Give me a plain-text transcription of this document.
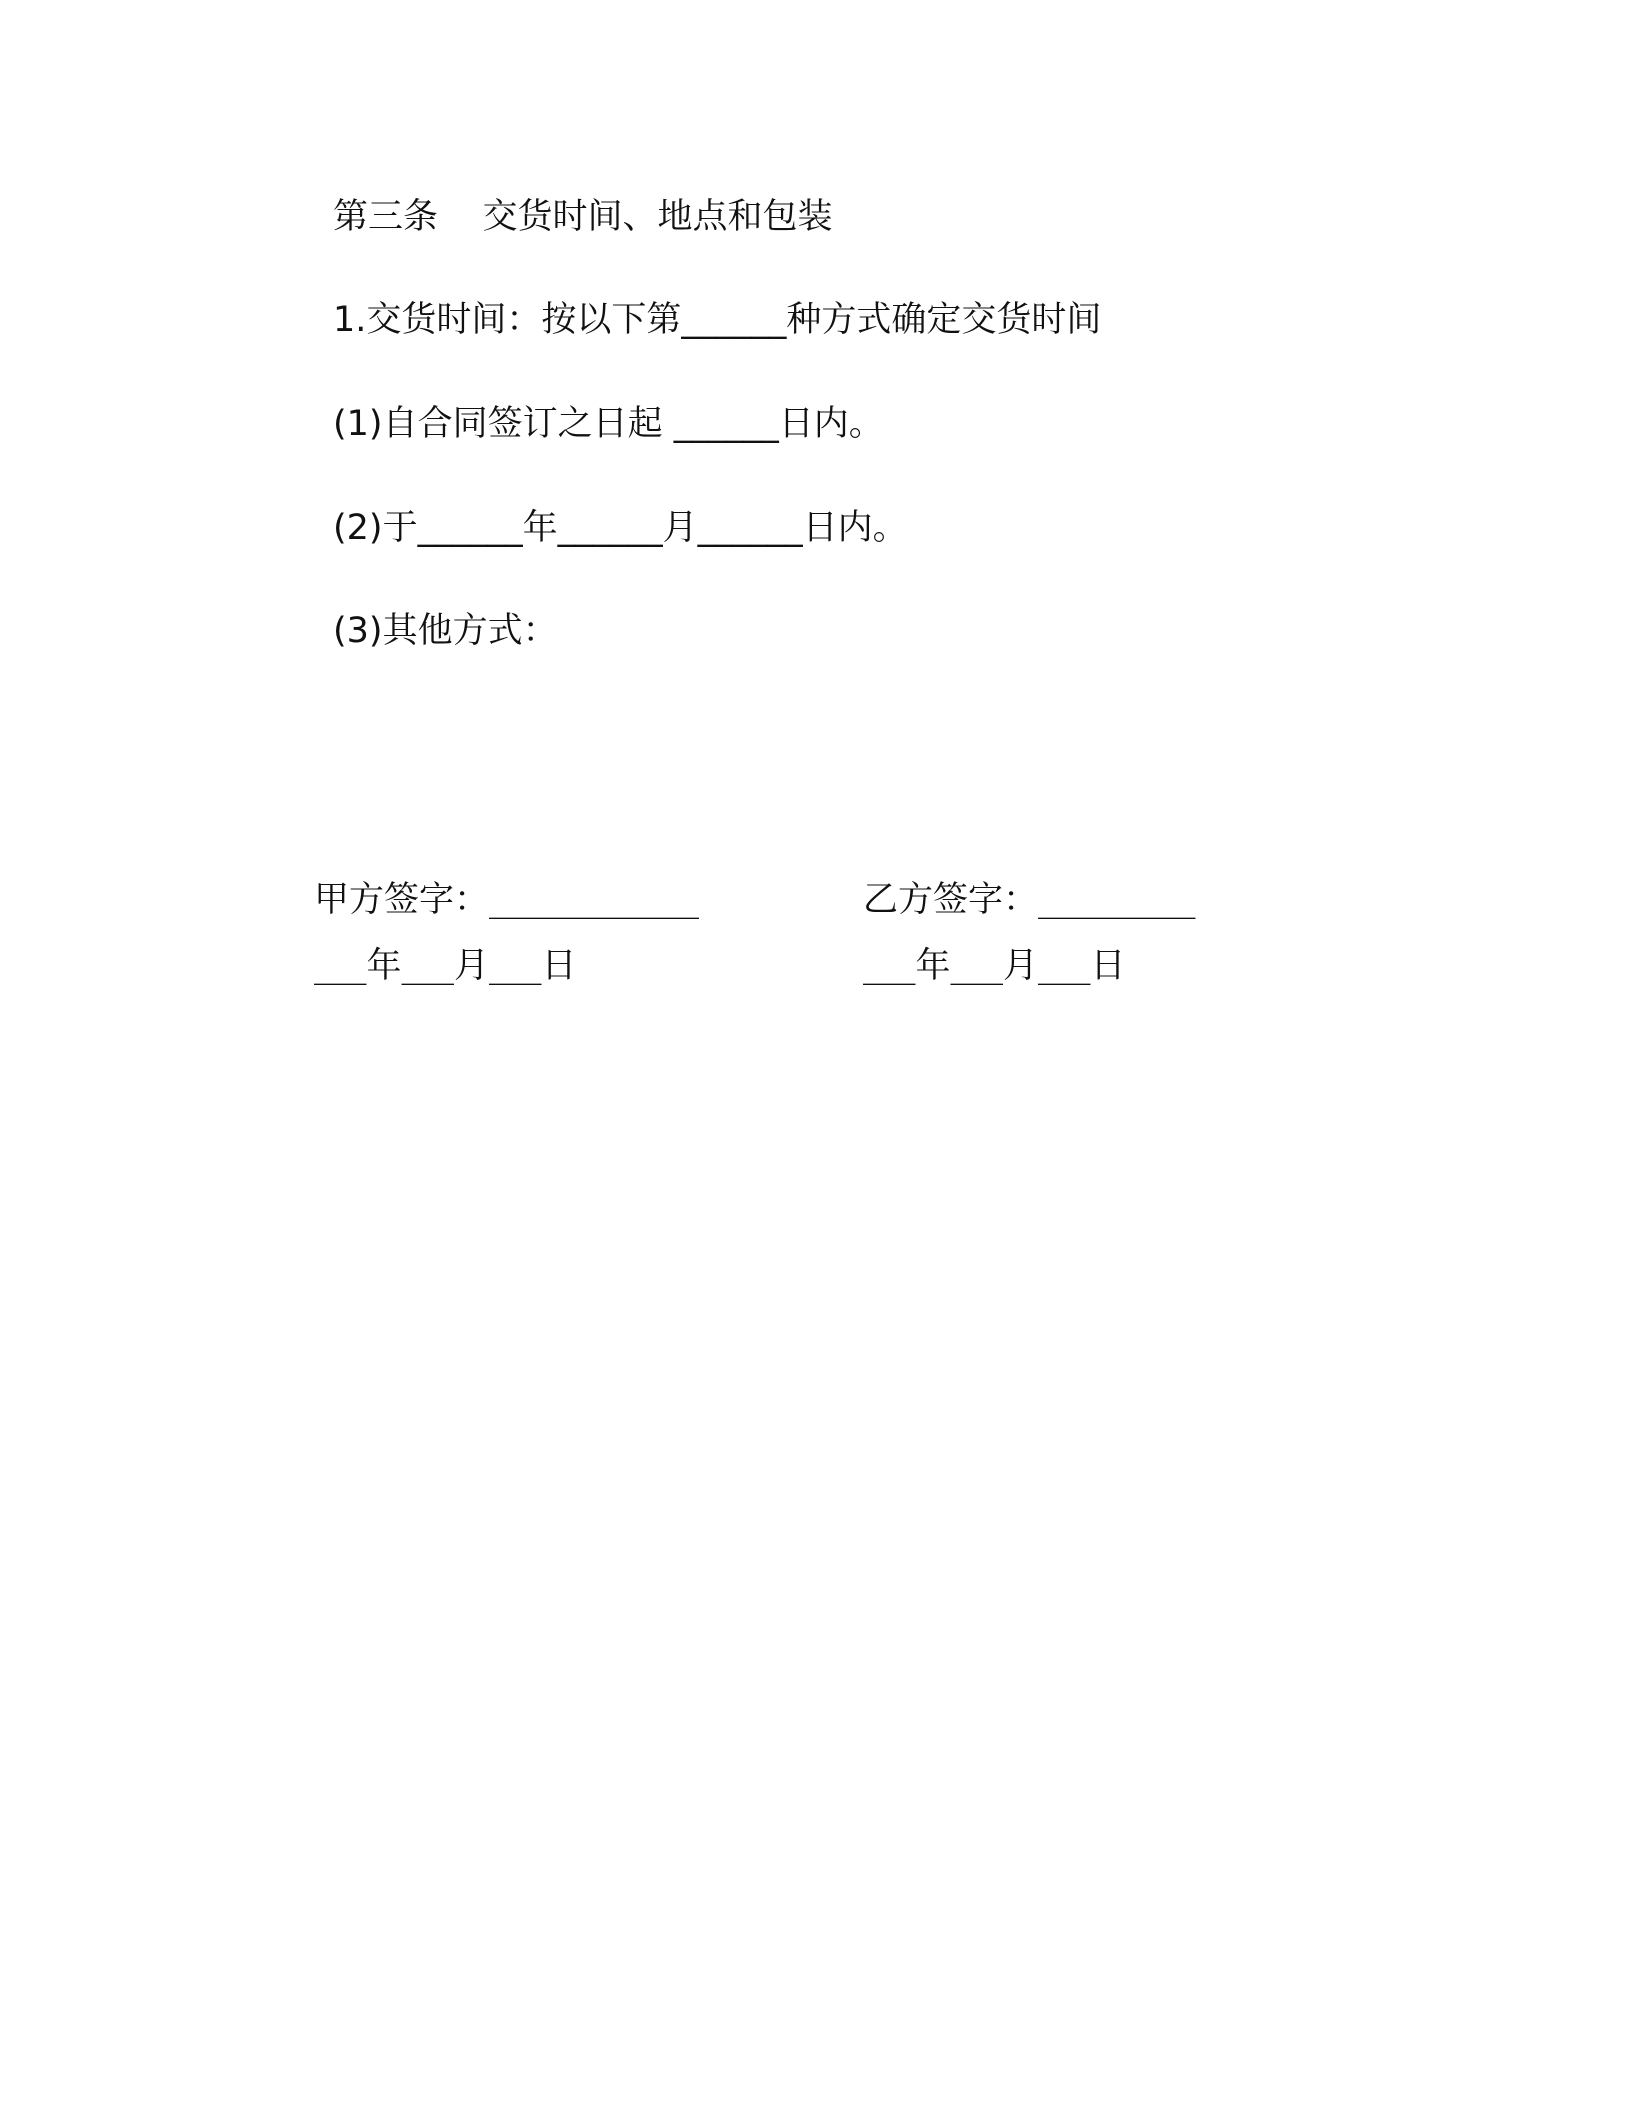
第三条    交货时间、地点和包装
1.交货时间：按以下第______种方式确定交货时间
(1)自合同签订之日起 ______日内。
(2)于______年______月______日内。
(3)其他方式：
甲方签字：____________
___年___月___日
乙方签字：_________
___年___月___日
